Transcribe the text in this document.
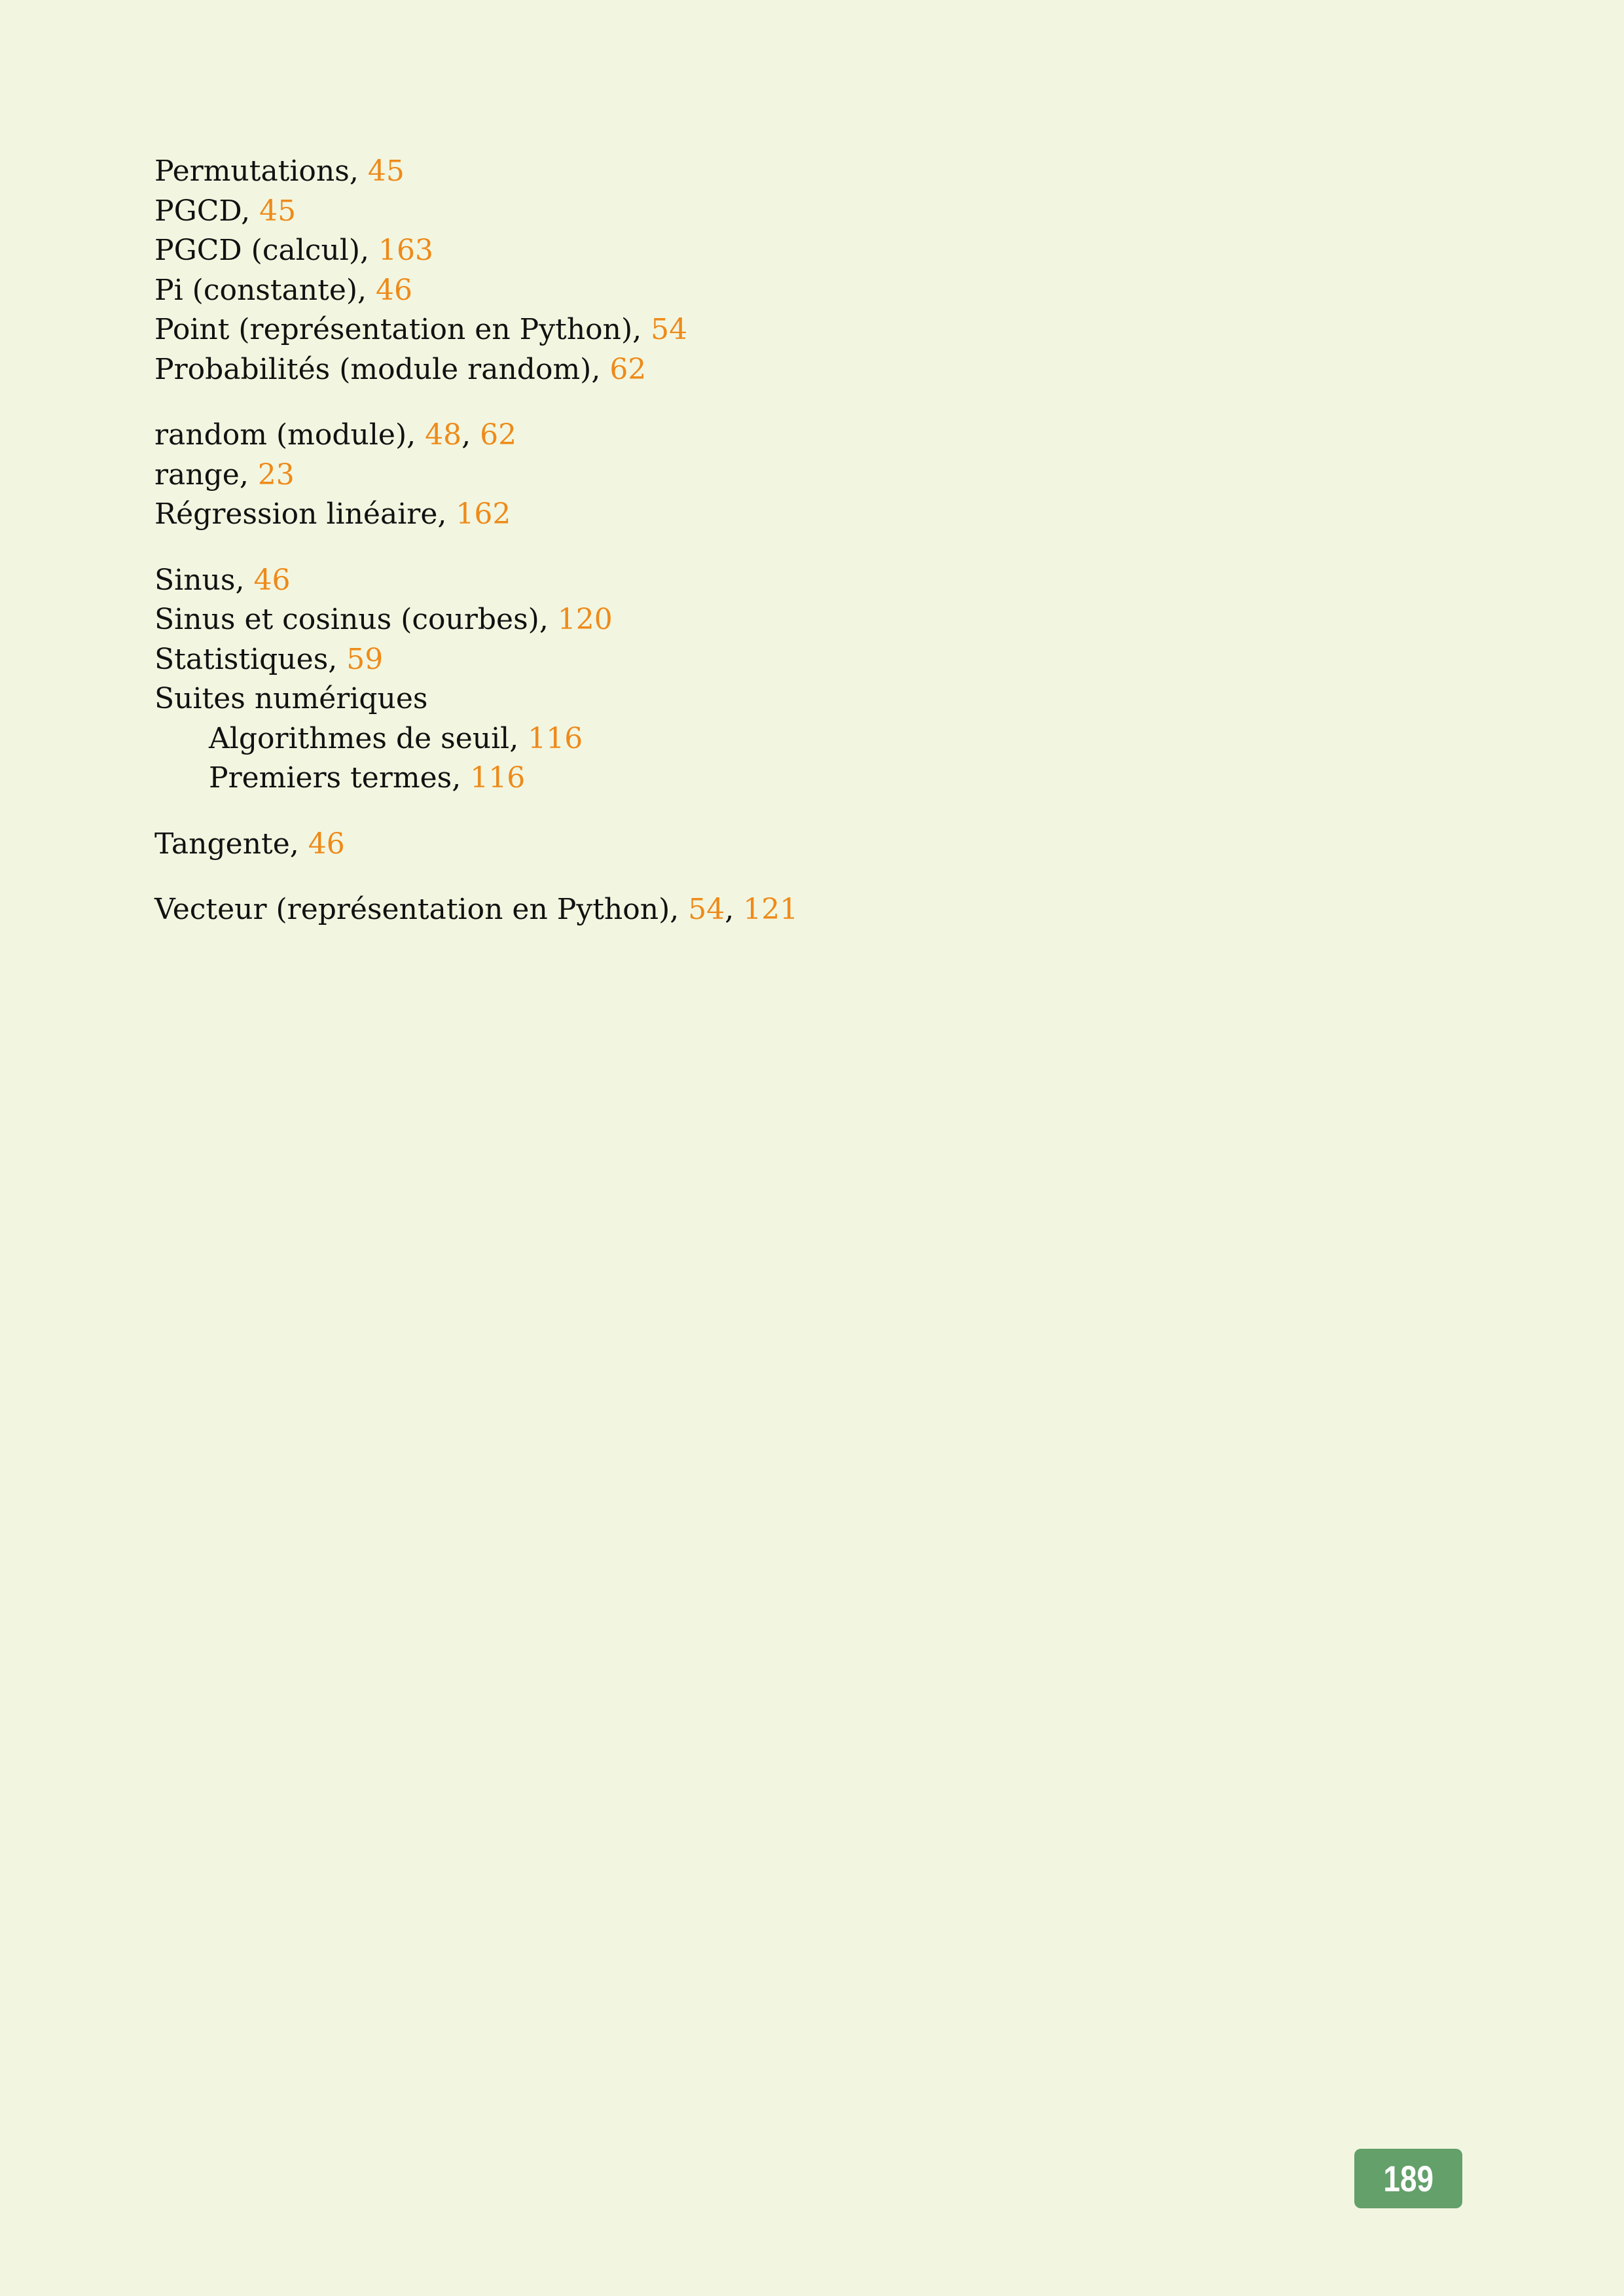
Permutations, 45
PGCD, 45
PGCD (calcul), 163
Pi (constante), 46
Point (représentation en Python), 54
Probabilités (module random), 62
random (module), 48, 62
range, 23
Régression linéaire, 162
Sinus, 46
Sinus et cosinus (courbes), 120
Statistiques, 59
Suites numériques
Algorithmes de seuil, 116
Premiers termes, 116
Tangente, 46
Vecteur (représentation en Python), 54, 121
189
